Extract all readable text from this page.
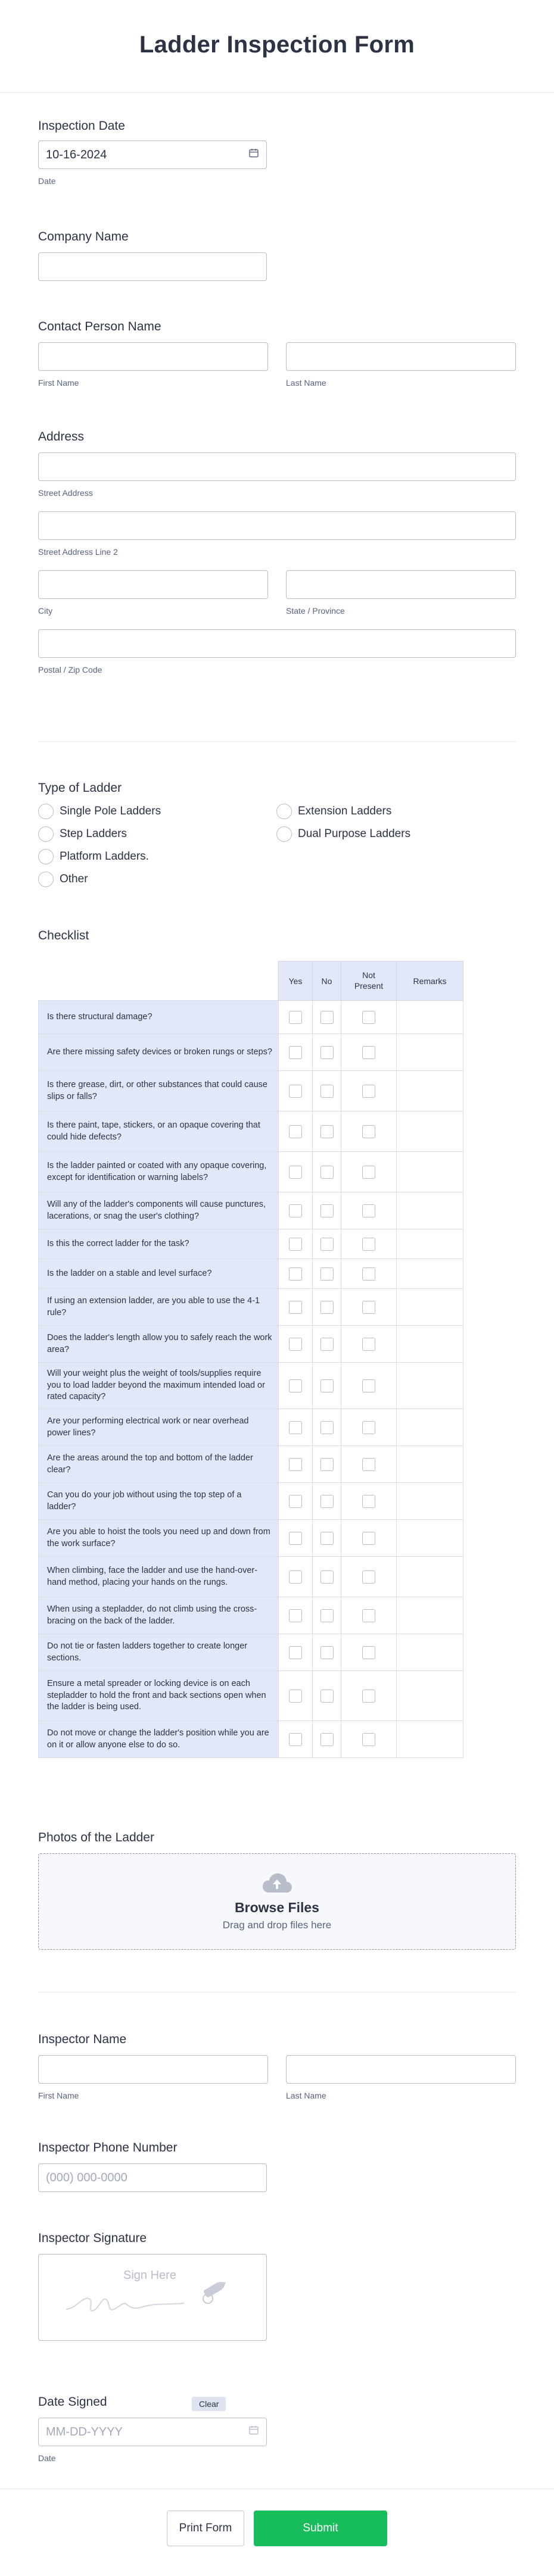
Ladder Inspection Form
Inspection Date
10-16-2024
Date
Company Name
Contact Person Name
First Name	Last Name
Address
Street Address
Street Address Line 2
City	State / Province
Postal / Zip Code
Type of Ladder
Single Pole Ladders	Extension Ladders
Step Ladders	Dual Purpose Ladders
Platform Ladders.
Other
Checklist
	Yes	No	Not Present	Remarks
Is there structural damage?				
Are there missing safety devices or broken rungs or steps?				
Is there grease, dirt, or other substances that could cause slips or falls?				
Is there paint, tape, stickers, or an opaque covering that could hide defects?				
Is the ladder painted or coated with any opaque covering, except for identification or warning labels?				
Will any of the ladder's components will cause punctures, lacerations, or snag the user's clothing?				
Is this the correct ladder for the task?				
Is the ladder on a stable and level surface?				
If using an extension ladder, are you able to use the 4-1 rule?				
Does the ladder's length allow you to safely reach the work area?				
Will your weight plus the weight of tools/supplies require you to load ladder beyond the maximum intended load or rated capacity?				
Are your performing electrical work or near overhead power lines?				
Are the areas around the top and bottom of the ladder clear?				
Can you do your job without using the top step of a ladder?				
Are you able to hoist the tools you need up and down from the work surface?				
When climbing, face the ladder and use the hand-over-hand method, placing your hands on the rungs.				
When using a stepladder, do not climb using the cross-bracing on the back of the ladder.				
Do not tie or fasten ladders together to create longer sections.				
Ensure a metal spreader or locking device is on each stepladder to hold the front and back sections open when the ladder is being used.				
Do not move or change the ladder's position while you are on it or allow anyone else to do so.				
Photos of the Ladder
Browse Files
Drag and drop files here
Inspector Name
First Name	Last Name
Inspector Phone Number
(000) 000-0000
Inspector Signature
Sign Here
Clear
Date Signed
MM-DD-YYYY
Date
Print Form	Submit
